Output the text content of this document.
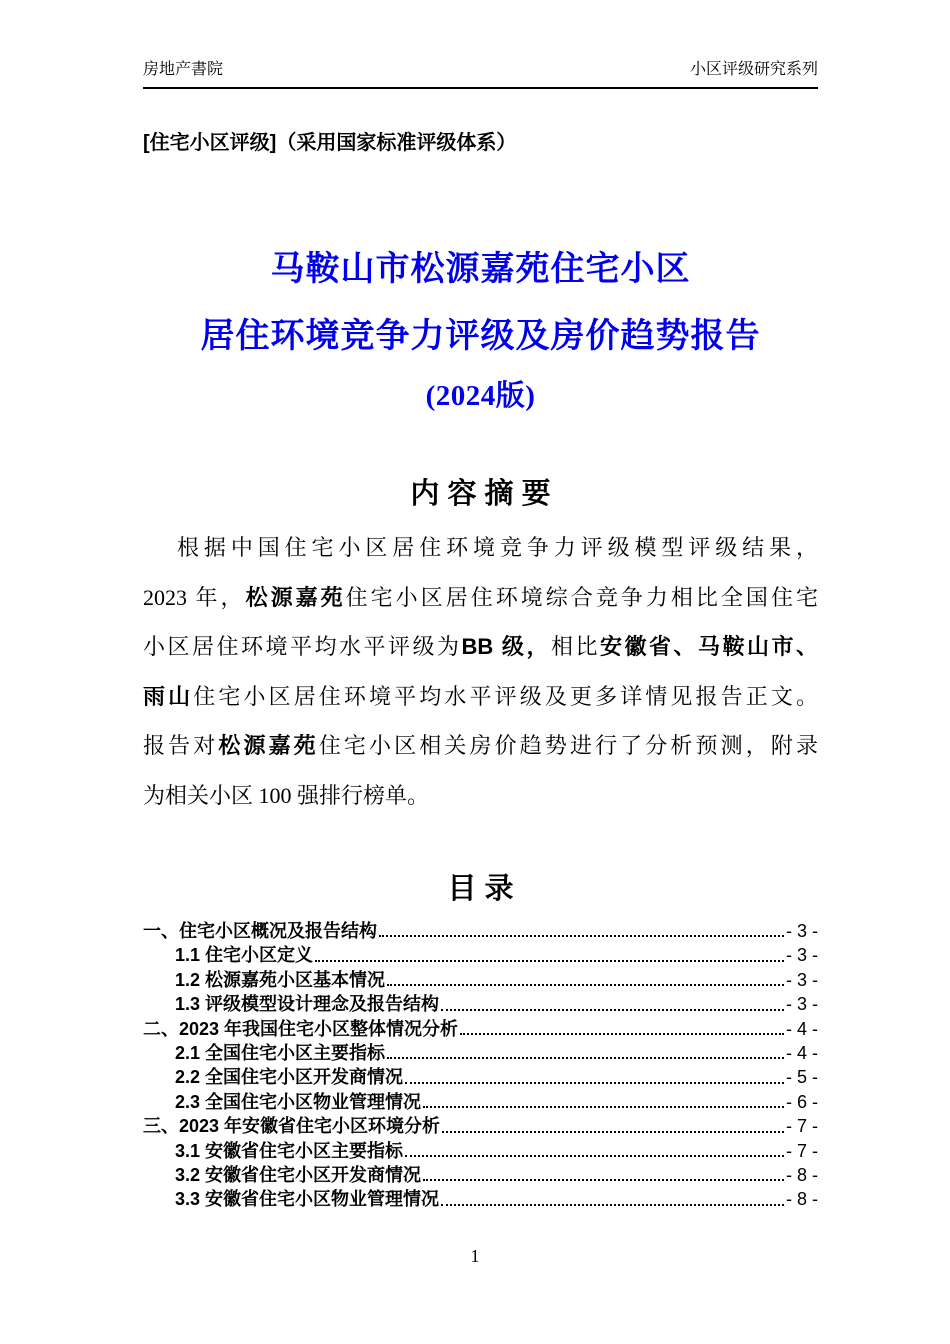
房地产書院	小区评级研究系列
[住宅小区评级]（采用国家标准评级体系）
马鞍山市松源嘉苑住宅小区
居住环境竞争力评级及房价趋势报告
(2024版)
内 容 摘 要
根据中国住宅小区居住环境竞争力评级模型评级结果，
2023 年，松源嘉苑住宅小区居住环境综合竞争力相比全国住宅
小区居住环境平均水平评级为BB 级，相比安徽省、马鞍山市、
雨山住宅小区居住环境平均水平评级及更多详情见报告正文。
报告对松源嘉苑住宅小区相关房价趋势进行了分析预测，附录
为相关小区 100 强排行榜单。
目 录
一、住宅小区概况及报告结构	- 3 -
1.1 住宅小区定义	- 3 -
1.2 松源嘉苑小区基本情况	- 3 -
1.3 评级模型设计理念及报告结构	- 3 -
二、2023 年我国住宅小区整体情况分析	- 4 -
2.1 全国住宅小区主要指标	- 4 -
2.2 全国住宅小区开发商情况	- 5 -
2.3 全国住宅小区物业管理情况	- 6 -
三、2023 年安徽省住宅小区环境分析	- 7 -
3.1 安徽省住宅小区主要指标	- 7 -
3.2 安徽省住宅小区开发商情况	- 8 -
3.3 安徽省住宅小区物业管理情况	- 8 -
1
